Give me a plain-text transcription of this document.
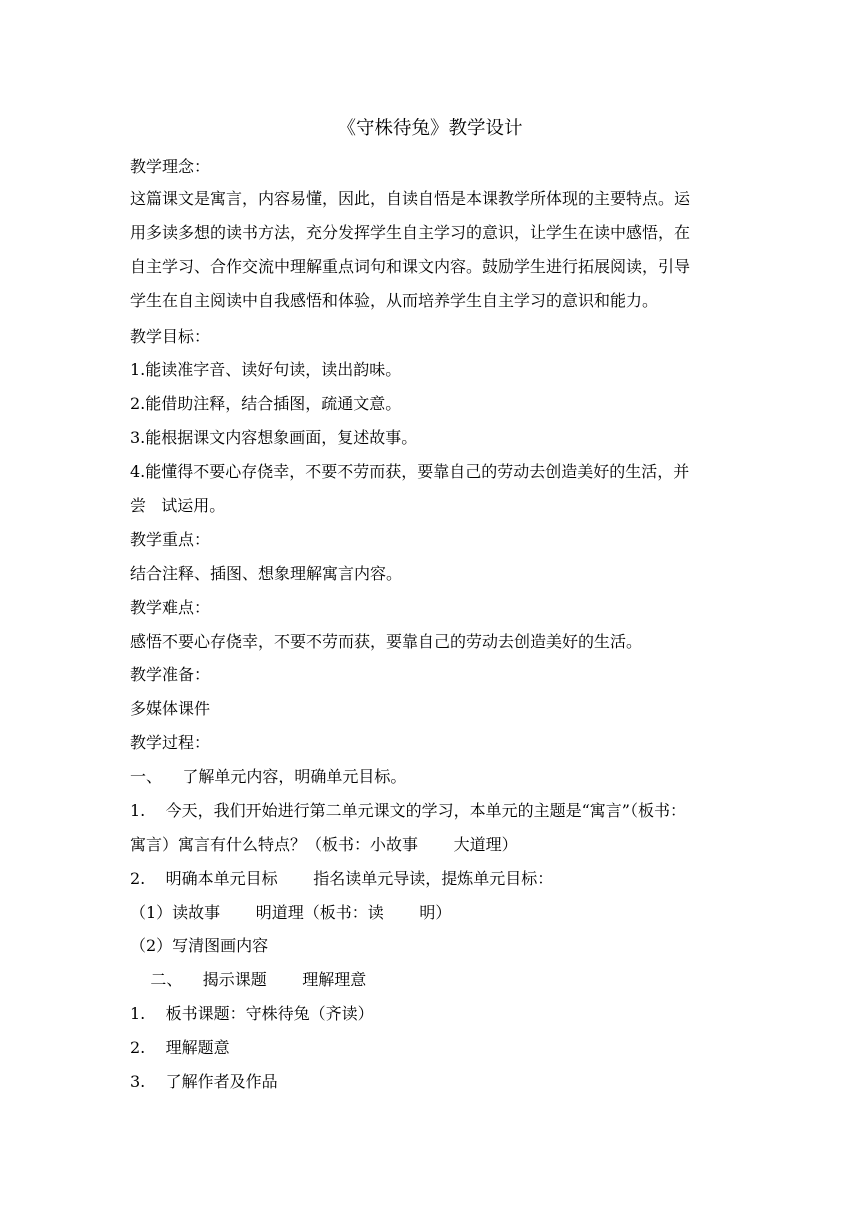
《守株待兔》教学设计
教学理念：
这篇课文是寓言，内容易懂，因此，自读自悟是本课教学所体现的主要特点。运
用多读多想的读书方法，充分发挥学生自主学习的意识，让学生在读中感悟，在
自主学习、合作交流中理解重点词句和课文内容。鼓励学生进行拓展阅读，引导
学生在自主阅读中自我感悟和体验，从而培养学生自主学习的意识和能力。
教学目标：
1.能读准字音、读好句读，读出韵味。
2.能借助注释，结合插图，疏通文意。
3.能根据课文内容想象画面，复述故事。
4.能懂得不要心存侥幸，不要不劳而获，要靠自己的劳动去创造美好的生活，并
尝   试运用。
教学重点：
结合注释、插图、想象理解寓言内容。
教学难点：
感悟不要心存侥幸，不要不劳而获，要靠自己的劳动去创造美好的生活。
教学准备：
多媒体课件
教学过程：
一、    了解单元内容，明确单元目标。
1.    今天，我们开始进行第二单元课文的学习，本单元的主题是“寓言”（板书：
寓言）寓言有什么特点？（板书：小故事       大道理）
2.    明确本单元目标       指名读单元导读，提炼单元目标：
（1）读故事       明道理（板书：读       明）
（2）写清图画内容
二、    揭示课题       理解理意
1.    板书课题：守株待兔（齐读）
2.    理解题意
3.    了解作者及作品
